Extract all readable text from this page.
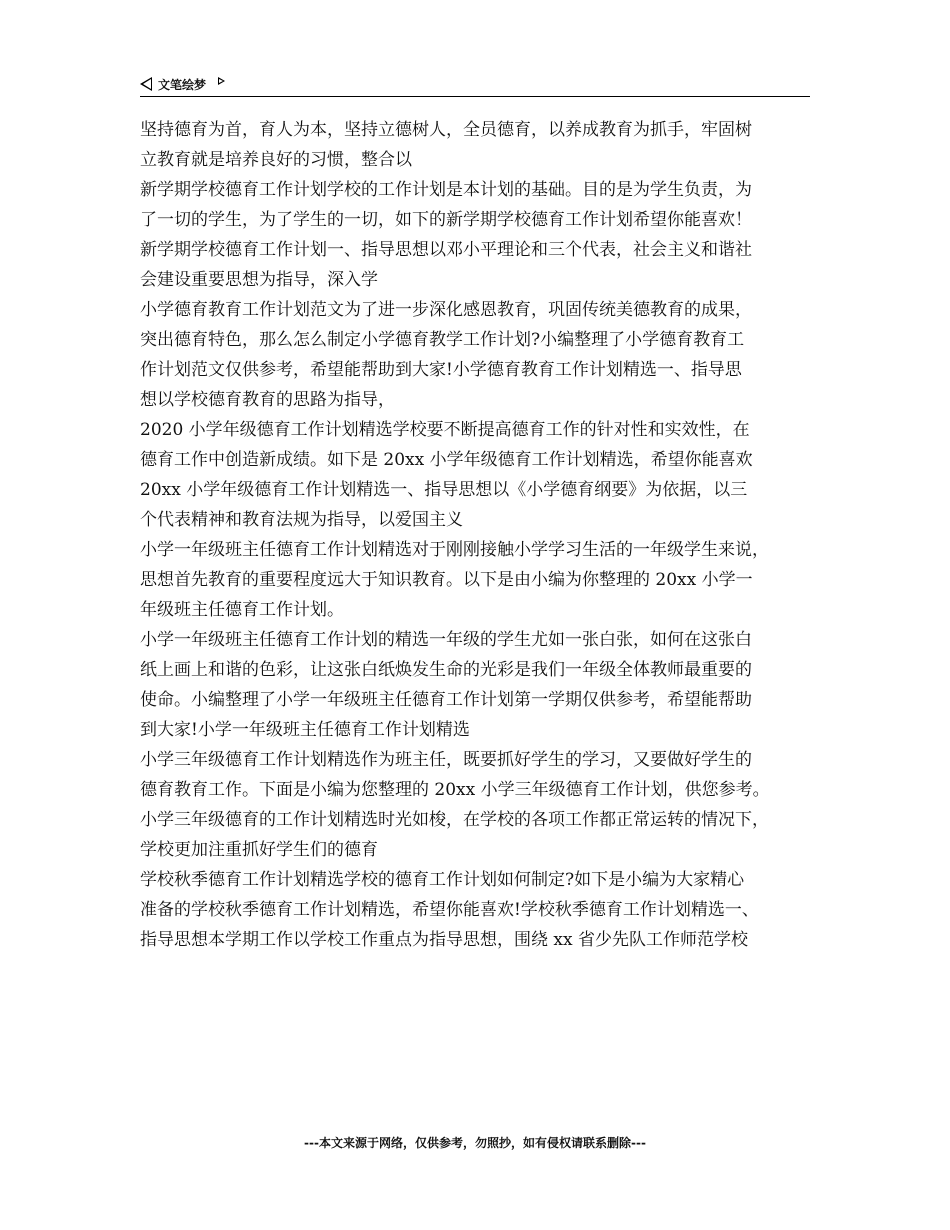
文笔绘梦
坚持德育为首，育人为本，坚持立德树人，全员德育，以养成教育为抓手，牢固树
立教育就是培养良好的习惯，整合以
新学期学校德育工作计划学校的工作计划是本计划的基础。目的是为学生负责，为
了一切的学生，为了学生的一切，如下的新学期学校德育工作计划希望你能喜欢！
新学期学校德育工作计划一、指导思想以邓小平理论和三个代表，社会主义和谐社
会建设重要思想为指导，深入学
小学德育教育工作计划范文为了进一步深化感恩教育，巩固传统美德教育的成果，
突出德育特色，那么怎么制定小学德育教学工作计划?小编整理了小学德育教育工
作计划范文仅供参考，希望能帮助到大家!小学德育教育工作计划精选一、指导思
想以学校德育教育的思路为指导，
2020 小学年级德育工作计划精选学校要不断提高德育工作的针对性和实效性，在
德育工作中创造新成绩。如下是 20xx 小学年级德育工作计划精选，希望你能喜欢
20xx 小学年级德育工作计划精选一、指导思想以《小学德育纲要》为依据，以三
个代表精神和教育法规为指导，以爱国主义
小学一年级班主任德育工作计划精选对于刚刚接触小学学习生活的一年级学生来说，
思想首先教育的重要程度远大于知识教育。以下是由小编为你整理的 20xx 小学一
年级班主任德育工作计划。
小学一年级班主任德育工作计划的精选一年级的学生尤如一张白张，如何在这张白
纸上画上和谐的色彩，让这张白纸焕发生命的光彩是我们一年级全体教师最重要的
使命。小编整理了小学一年级班主任德育工作计划第一学期仅供参考，希望能帮助
到大家!小学一年级班主任德育工作计划精选
小学三年级德育工作计划精选作为班主任，既要抓好学生的学习，又要做好学生的
德育教育工作。下面是小编为您整理的 20xx 小学三年级德育工作计划，供您参考。
小学三年级德育的工作计划精选时光如梭，在学校的各项工作都正常运转的情况下，
学校更加注重抓好学生们的德育
学校秋季德育工作计划精选学校的德育工作计划如何制定?如下是小编为大家精心
准备的学校秋季德育工作计划精选，希望你能喜欢!学校秋季德育工作计划精选一、
指导思想本学期工作以学校工作重点为指导思想，围绕 xx 省少先队工作师范学校
---本文来源于网络，仅供参考，勿照抄，如有侵权请联系删除---
